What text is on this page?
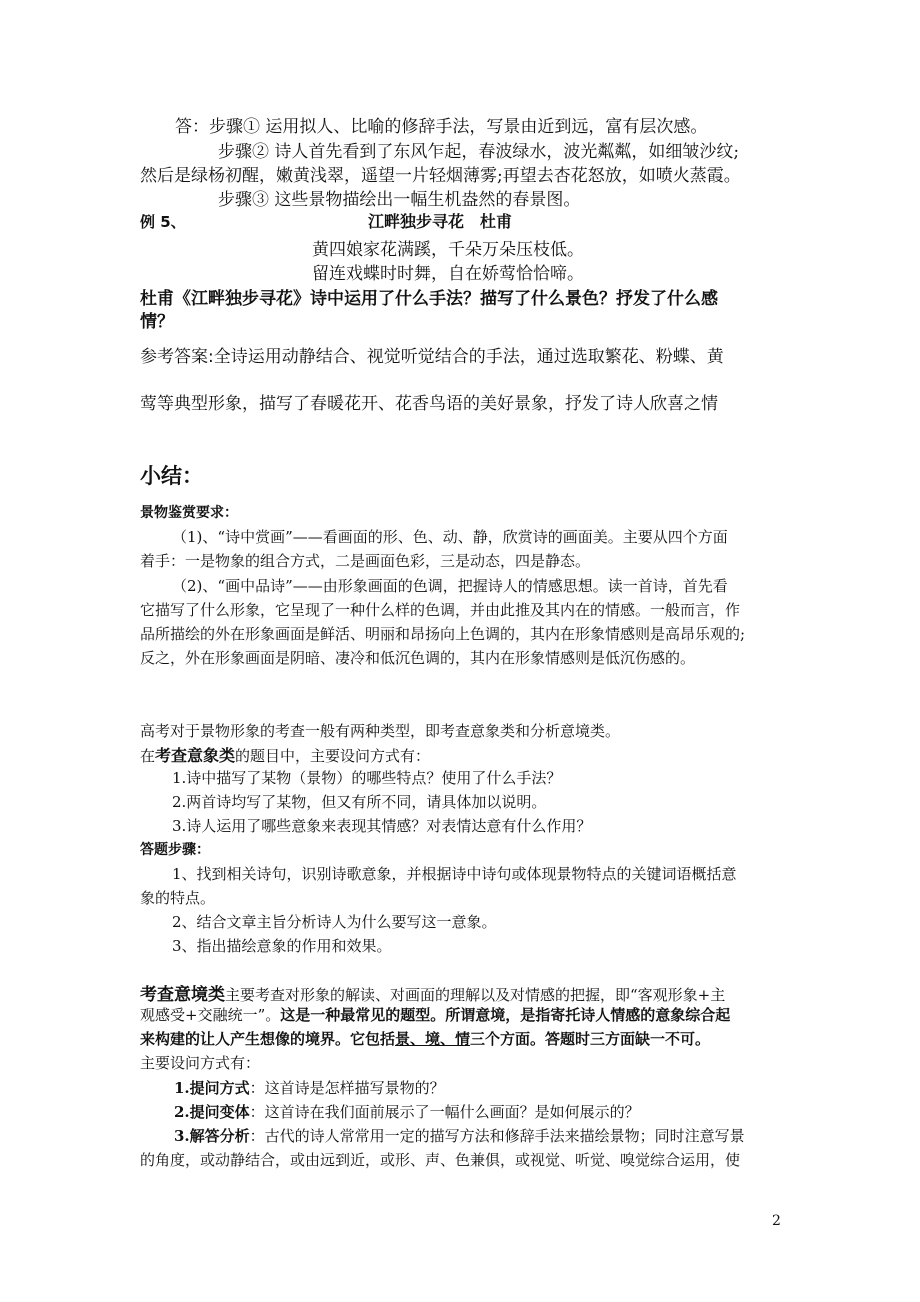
答：步骤① 运用拟人、比喻的修辞手法，写景由近到远，富有层次感。

步骤② 诗人首先看到了东风乍起，春波绿水，波光粼粼，如细皱沙纹;

然后是绿杨初醒，嫩黄浅翠，遥望一片轻烟薄雾;再望去杏花怒放，如喷火蒸霞。

步骤③ 这些景物描绘出一幅生机盎然的春景图。

例 5、	江畔独步寻花　杜甫

黄四娘家花满蹊，千朵万朵压枝低。

留连戏蝶时时舞，自在娇莺恰恰啼。

杜甫《江畔独步寻花》诗中运用了什么手法？描写了什么景色？抒发了什么感

情？

参考答案:全诗运用动静结合、视觉听觉结合的手法，通过选取繁花、粉蝶、黄

莺等典型形象，描写了春暖花开、花香鸟语的美好景象，抒发了诗人欣喜之情

小结：

景物鉴赏要求：

（1)、“诗中赏画”——看画面的形、色、动、静，欣赏诗的画面美。主要从四个方面

着手：一是物象的组合方式，二是画面色彩，三是动态，四是静态。

（2)、“画中品诗”——由形象画面的色调，把握诗人的情感思想。读一首诗，首先看

它描写了什么形象，它呈现了一种什么样的色调，并由此推及其内在的情感。一般而言，作

品所描绘的外在形象画面是鲜活、明丽和昂扬向上色调的，其内在形象情感则是高昂乐观的;

反之，外在形象画面是阴暗、凄冷和低沉色调的，其内在形象情感则是低沉伤感的。

高考对于景物形象的考查一般有两种类型，即考查意象类和分析意境类。

在考查意象类的题目中，主要设问方式有：

1.诗中描写了某物（景物）的哪些特点？使用了什么手法？

2.两首诗均写了某物，但又有所不同，请具体加以说明。

3.诗人运用了哪些意象来表现其情感？对表情达意有什么作用？

答题步骤：

1、找到相关诗句，识别诗歌意象，并根据诗中诗句或体现景物特点的关键词语概括意

象的特点。

2、结合文章主旨分析诗人为什么要写这一意象。

3、指出描绘意象的作用和效果。

考查意境类主要考查对形象的解读、对画面的理解以及对情感的把握，即“客观形象+主

观感受+交融统一”。这是一种最常见的题型。所谓意境，是指寄托诗人情感的意象综合起

来构建的让人产生想像的境界。它包括景、境、情三个方面。答题时三方面缺一不可。

主要设问方式有：

1.提问方式：这首诗是怎样描写景物的？

2.提问变体：这首诗在我们面前展示了一幅什么画面？是如何展示的？

3.解答分析：古代的诗人常常用一定的描写方法和修辞手法来描绘景物；同时注意写景

的角度，或动静结合，或由远到近，或形、声、色兼俱，或视觉、听觉、嗅觉综合运用，使

2
